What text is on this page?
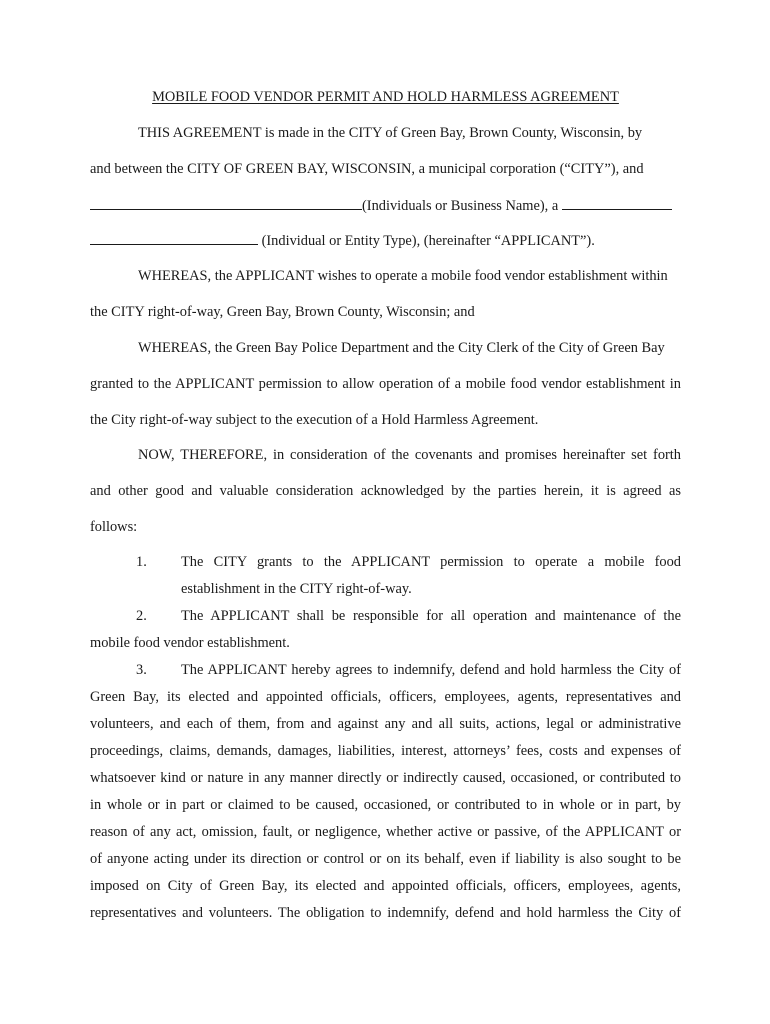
MOBILE FOOD VENDOR PERMIT AND HOLD HARMLESS AGREEMENT
THIS AGREEMENT is made in the CITY of Green Bay, Brown County, Wisconsin, by
and between the CITY OF GREEN BAY, WISCONSIN, a municipal corporation (“CITY”), and
(Individuals or Business Name), a
(Individual or Entity Type), (hereinafter “APPLICANT”).
WHEREAS, the APPLICANT wishes to operate a mobile food vendor establishment within
the CITY right-of-way, Green Bay, Brown County, Wisconsin; and
WHEREAS, the Green Bay Police Department and the City Clerk of the City of Green Bay
granted to the APPLICANT permission to allow operation of a mobile food vendor establishment in
the City right-of-way subject to the execution of a Hold Harmless Agreement.
NOW, THEREFORE, in consideration of the covenants and promises hereinafter set forth
and other good and valuable consideration acknowledged by the parties herein, it is agreed as
follows:
1.	The CITY grants to the APPLICANT permission to operate a mobile food
establishment in the CITY right-of-way.
2.	The APPLICANT shall be responsible for all operation and maintenance of the
mobile food vendor establishment.
3.	The APPLICANT hereby agrees to indemnify, defend and hold harmless the City of
Green Bay, its elected and appointed officials, officers, employees, agents, representatives and
volunteers, and each of them, from and against any and all suits, actions, legal or administrative
proceedings, claims, demands, damages, liabilities, interest, attorneys’ fees, costs and expenses of
whatsoever kind or nature in any manner directly or indirectly caused, occasioned, or contributed to
in whole or in part or claimed to be caused, occasioned, or contributed to in whole or in part, by
reason of any act, omission, fault, or negligence, whether active or passive, of the APPLICANT or
of anyone acting under its direction or control or on its behalf, even if liability is also sought to be
imposed on City of Green Bay, its elected and appointed officials, officers, employees, agents,
representatives and volunteers. The obligation to indemnify, defend and hold harmless the City of
